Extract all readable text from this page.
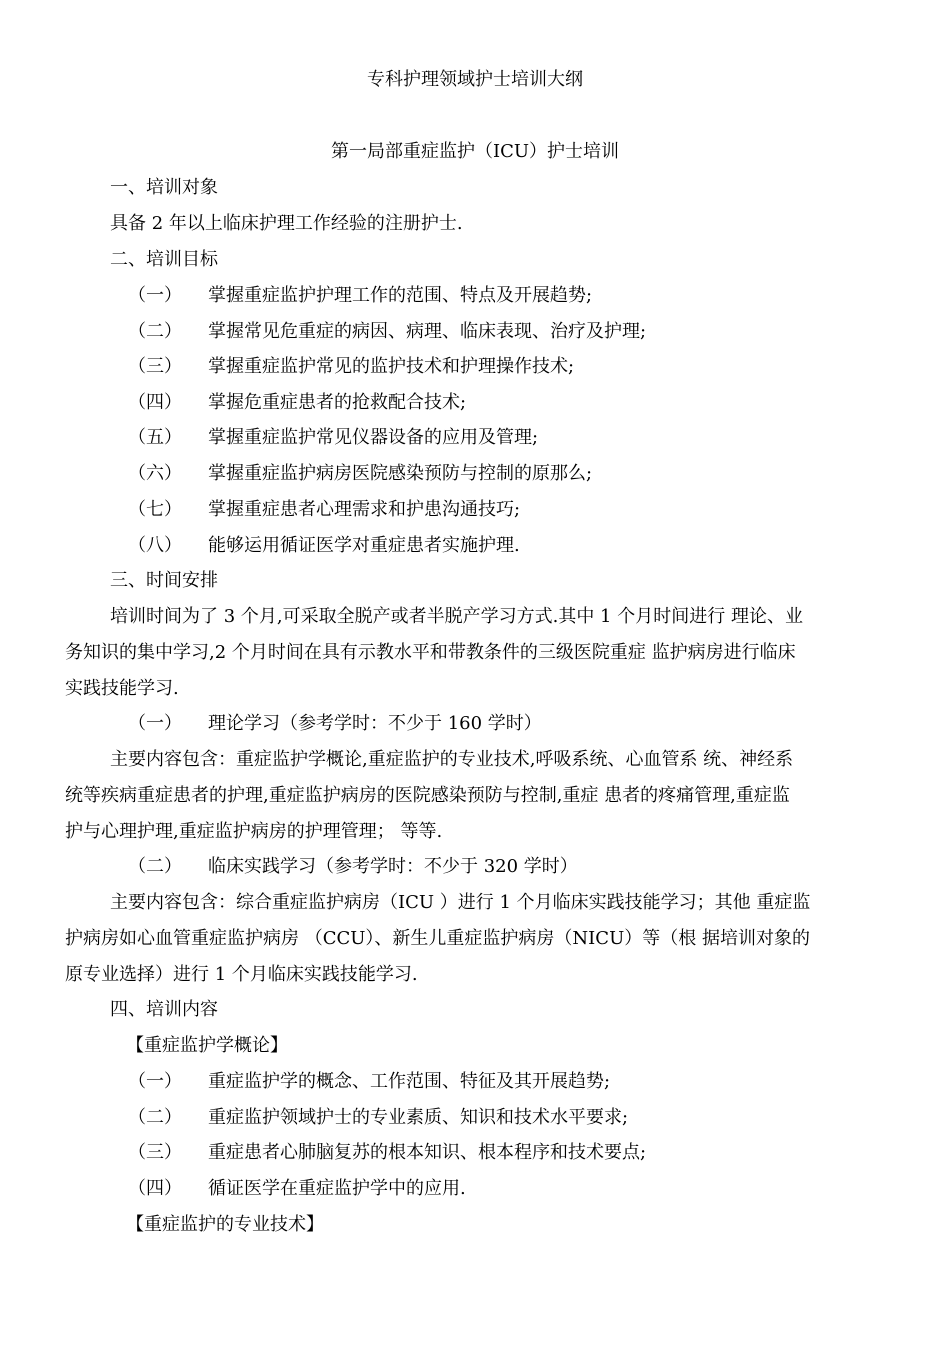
专科护理领域护士培训大纲
第一局部重症监护（ICU）护士培训
一、培训对象
具备 2 年以上临床护理工作经验的注册护士.
二、培训目标
（一） 掌握重症监护护理工作的范围、特点及开展趋势;
（二） 掌握常见危重症的病因、病理、临床表现、治疗及护理;
（三） 掌握重症监护常见的监护技术和护理操作技术;
（四） 掌握危重症患者的抢救配合技术;
（五） 掌握重症监护常见仪器设备的应用及管理;
（六） 掌握重症监护病房医院感染预防与控制的原那么;
（七） 掌握重症患者心理需求和护患沟通技巧;
（八） 能够运用循证医学对重症患者实施护理.
三、时间安排
培训时间为了 3 个月,可采取全脱产或者半脱产学习方式.其中 1 个月时间进行 理论、业
务知识的集中学习,2 个月时间在具有示教水平和带教条件的三级医院重症 监护病房进行临床
实践技能学习.
（一） 理论学习（参考学时：不少于 160 学时）
主要内容包含：重症监护学概论,重症监护的专业技术,呼吸系统、心血管系 统、神经系
统等疾病重症患者的护理,重症监护病房的医院感染预防与控制,重症 患者的疼痛管理,重症监
护与心理护理,重症监护病房的护理管理； 等等.
（二） 临床实践学习（参考学时：不少于 320 学时）
主要内容包含：综合重症监护病房（ICU ）进行 1 个月临床实践技能学习；其他 重症监
护病房如心血管重症监护病房 （CCU）、新生儿重症监护病房（NICU）等（根 据培训对象的
原专业选择）进行 1 个月临床实践技能学习.
四、培训内容
【重症监护学概论】
（一） 重症监护学的概念、工作范围、特征及其开展趋势;
（二） 重症监护领域护士的专业素质、知识和技术水平要求;
（三） 重症患者心肺脑复苏的根本知识、根本程序和技术要点;
（四） 循证医学在重症监护学中的应用.
【重症监护的专业技术】
